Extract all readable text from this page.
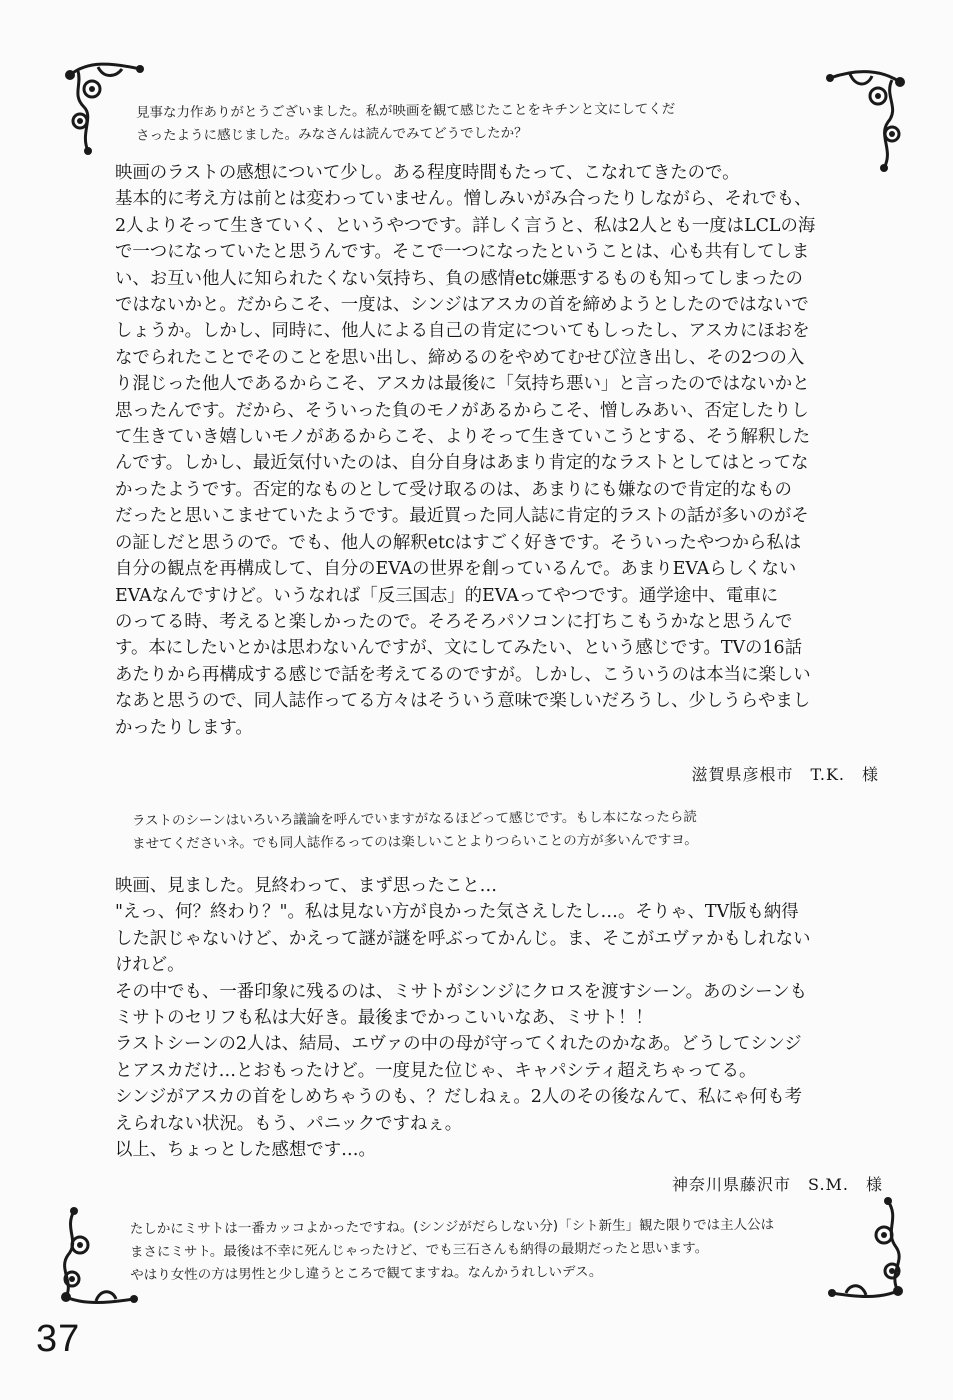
見事な力作ありがとうございました。私が映画を観て感じたことをキチンと文にしてくだ
さったように感じました。みなさんは読んでみてどうでしたか？
映画のラストの感想について少し。ある程度時間もたって、こなれてきたので。
基本的に考え方は前とは変わっていません。憎しみいがみ合ったりしながら、それでも、
2人よりそって生きていく、というやつです。詳しく言うと、私は2人とも一度はLCLの海
で一つになっていたと思うんです。そこで一つになったということは、心も共有してしま
い、お互い他人に知られたくない気持ち、負の感情etc嫌悪するものも知ってしまったの
ではないかと。だからこそ、一度は、シンジはアスカの首を締めようとしたのではないで
しょうか。しかし、同時に、他人による自己の肯定についてもしったし、アスカにほおを
なでられたことでそのことを思い出し、締めるのをやめてむせび泣き出し、その2つの入
り混じった他人であるからこそ、アスカは最後に「気持ち悪い」と言ったのではないかと
思ったんです。だから、そういった負のモノがあるからこそ、憎しみあい、否定したりし
て生きていき嬉しいモノがあるからこそ、よりそって生きていこうとする、そう解釈した
んです。しかし、最近気付いたのは、自分自身はあまり肯定的なラストとしてはとってな
かったようです。否定的なものとして受け取るのは、あまりにも嫌なので肯定的なもの
だったと思いこませていたようです。最近買った同人誌に肯定的ラストの話が多いのがそ
の証しだと思うので。でも、他人の解釈etcはすごく好きです。そういったやつから私は
自分の観点を再構成して、自分のEVAの世界を創っているんで。あまりEVAらしくない
EVAなんですけど。いうなれば「反三国志」的EVAってやつです。通学途中、電車に
のってる時、考えると楽しかったので。そろそろパソコンに打ちこもうかなと思うんで
す。本にしたいとかは思わないんですが、文にしてみたい、という感じです。TVの16話
あたりから再構成する感じで話を考えてるのですが。しかし、こういうのは本当に楽しい
なあと思うので、同人誌作ってる方々はそういう意味で楽しいだろうし、少しうらやまし
かったりします。
滋賀県彦根市　T.K.　様
ラストのシーンはいろいろ議論を呼んでいますがなるほどって感じです。もし本になったら読
ませてくださいネ。でも同人誌作るってのは楽しいことよりつらいことの方が多いんですヨ。
映画、見ました。見終わって、まず思ったこと…
"えっ、何？終わり？"。私は見ない方が良かった気さえしたし…。そりゃ、TV版も納得
した訳じゃないけど、かえって謎が謎を呼ぶってかんじ。ま、そこがエヴァかもしれない
けれど。
その中でも、一番印象に残るのは、ミサトがシンジにクロスを渡すシーン。あのシーンも
ミサトのセリフも私は大好き。最後までかっこいいなあ、ミサト！！
ラストシーンの2人は、結局、エヴァの中の母が守ってくれたのかなあ。どうしてシンジ
とアスカだけ…とおもったけど。一度見た位じゃ、キャパシティ超えちゃってる。
シンジがアスカの首をしめちゃうのも、？だしねぇ。2人のその後なんて、私にゃ何も考
えられない状況。もう、パニックですねぇ。
以上、ちょっとした感想です…。
神奈川県藤沢市　S.M.　様
たしかにミサトは一番カッコよかったですね。(シンジがだらしない分)「シト新生」観た限りでは主人公は
まさにミサト。最後は不幸に死んじゃったけど、でも三石さんも納得の最期だったと思います。
やはり女性の方は男性と少し違うところで観てますね。なんかうれしいデス。
37
